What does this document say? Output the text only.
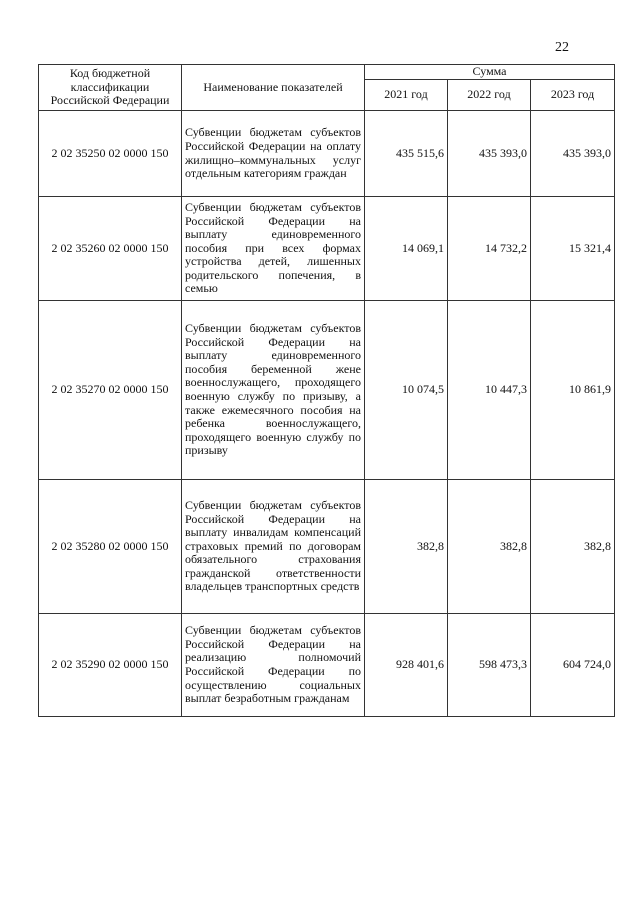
22
Код бюджетной классификации Российской Федерации	Наименование показателей	Сумма		
		2021 год	2022 год	2023 год
2 02 35250 02 0000 150	Субвенции бюджетам субъектов Российской Федерации на оплату жилищно–коммунальных услуг отдельным категориям граждан	435 515,6	435 393,0	435 393,0
2 02 35260 02 0000 150	Субвенции бюджетам субъектов Российской Федерации на выплату единовременного пособия при всех формах устройства детей, лишенных родительского попечения, в семью	14 069,1	14 732,2	15 321,4
2 02 35270 02 0000 150	Субвенции бюджетам субъектов Российской Федерации на выплату единовременного пособия беременной жене военнослужащего, проходящего военную службу по призыву, а также ежемесячного пособия на ребенка военнослужащего, проходящего военную службу по призыву	10 074,5	10 447,3	10 861,9
2 02 35280 02 0000 150	Субвенции бюджетам субъектов Российской Федерации на выплату инвалидам компенсаций страховых премий по договорам обязательного страхования гражданской ответственности владельцев транспортных средств	382,8	382,8	382,8
2 02 35290 02 0000 150	Субвенции бюджетам субъектов Российской Федерации на реализацию полномочий Российской Федерации по осуществлению социальных выплат безработным гражданам	928 401,6	598 473,3	604 724,0
